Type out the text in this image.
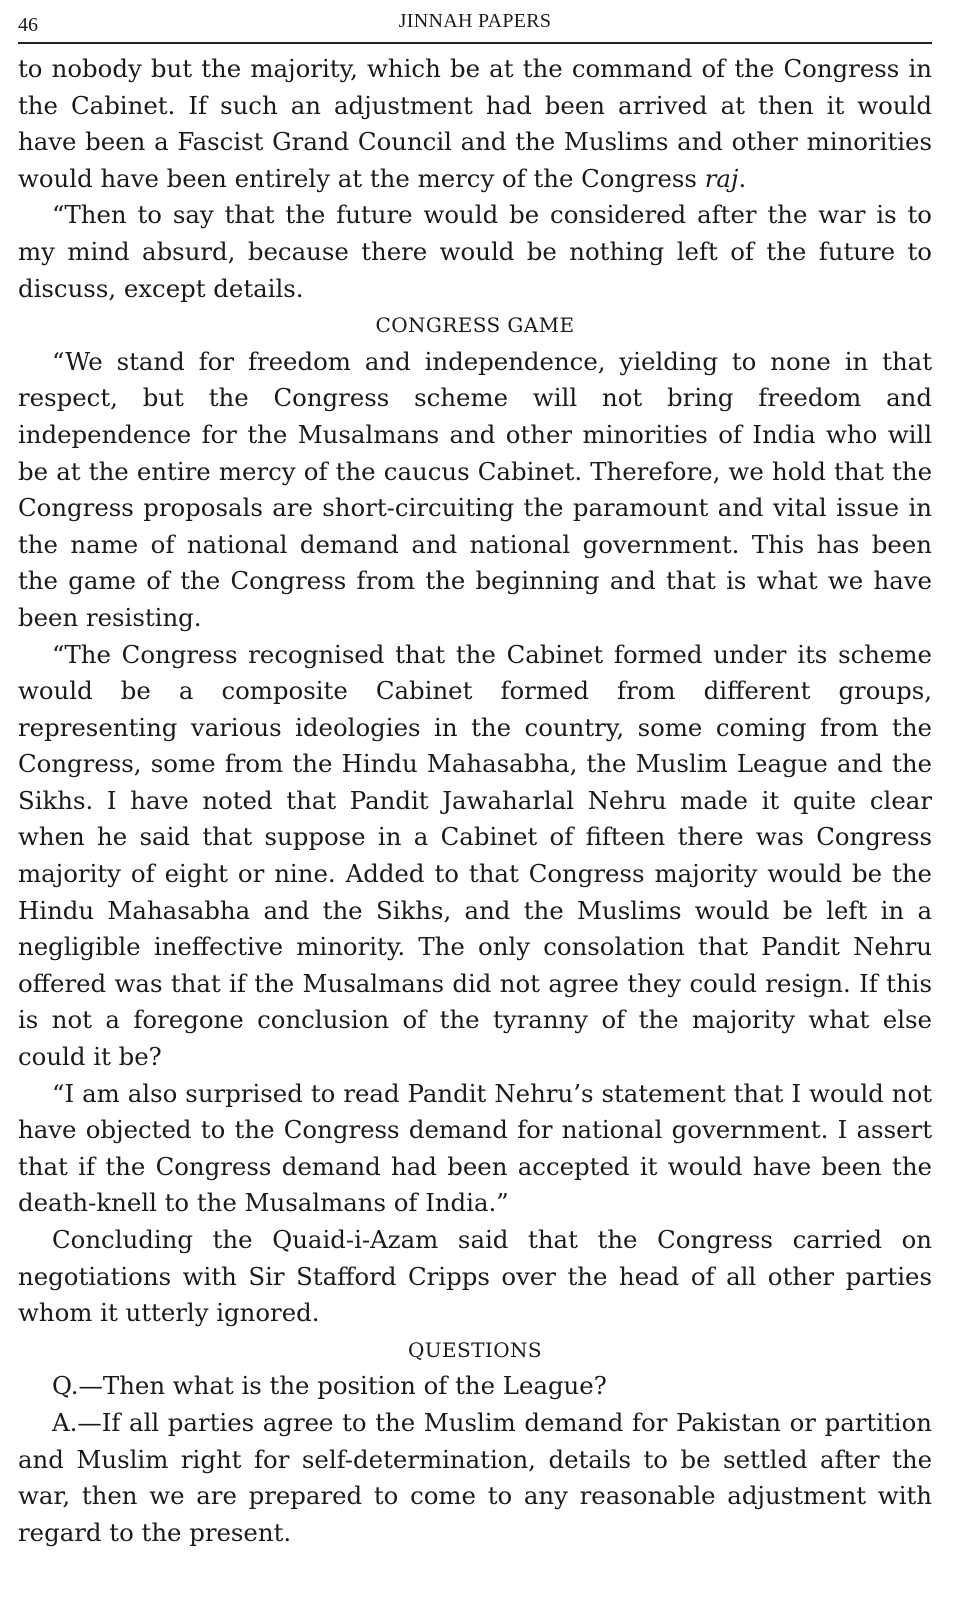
46	JINNAH PAPERS

to nobody but the majority, which be at the command of the Congress in the Cabinet. If such an adjustment had been arrived at then it would have been a Fascist Grand Council and the Muslims and other minorities would have been entirely at the mercy of the Congress raj.

“Then to say that the future would be considered after the war is to my mind absurd, because there would be nothing left of the future to discuss, except details.

CONGRESS GAME

“We stand for freedom and independence, yielding to none in that respect, but the Congress scheme will not bring freedom and independence for the Musalmans and other minorities of India who will be at the entire mercy of the caucus Cabinet. Therefore, we hold that the Congress proposals are short-circuiting the paramount and vital issue in the name of national demand and national government. This has been the game of the Congress from the beginning and that is what we have been resisting.

“The Congress recognised that the Cabinet formed under its scheme would be a composite Cabinet formed from different groups, representing various ideologies in the country, some coming from the Congress, some from the Hindu Mahasabha, the Muslim League and the Sikhs. I have noted that Pandit Jawaharlal Nehru made it quite clear when he said that suppose in a Cabinet of fifteen there was Congress majority of eight or nine. Added to that Congress majority would be the Hindu Mahasabha and the Sikhs, and the Muslims would be left in a negligible ineffective minority. The only consolation that Pandit Nehru offered was that if the Musalmans did not agree they could resign. If this is not a foregone conclusion of the tyranny of the majority what else could it be?

“I am also surprised to read Pandit Nehru’s statement that I would not have objected to the Congress demand for national government. I assert that if the Congress demand had been accepted it would have been the death-knell to the Musalmans of India.”

Concluding the Quaid-i-Azam said that the Congress carried on negotiations with Sir Stafford Cripps over the head of all other parties whom it utterly ignored.

QUESTIONS

Q.—Then what is the position of the League?

A.—If all parties agree to the Muslim demand for Pakistan or partition and Muslim right for self-determination, details to be settled after the war, then we are prepared to come to any reasonable adjustment with regard to the present.
